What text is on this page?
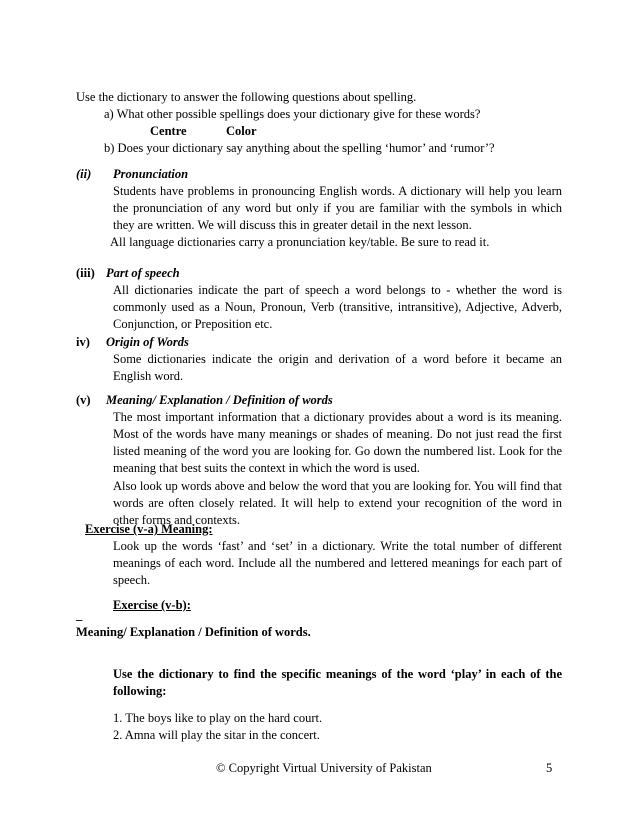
Use the dictionary to answer the following questions about spelling.
a) What other possible spellings does your dictionary give for these words?
Centre	Color
b) Does your dictionary say anything about the spelling ‘humor’ and ‘rumor’?
(ii) Pronunciation
Students have problems in pronouncing English words. A dictionary will help you learn the pronunciation of any word but only if you are familiar with the symbols in which they are written. We will discuss this in greater detail in the next lesson.
All language dictionaries carry a pronunciation key/table. Be sure to read it.
(iii) Part of speech
All dictionaries indicate the part of speech a word belongs to - whether the word is commonly used as a Noun, Pronoun, Verb (transitive, intransitive), Adjective, Adverb, Conjunction, or Preposition etc.
iv) Origin of Words
Some dictionaries indicate the origin and derivation of a word before it became an English word.
(v) Meaning/ Explanation / Definition of words
The most important information that a dictionary provides about a word is its meaning. Most of the words have many meanings or shades of meaning. Do not just read the first listed meaning of the word you are looking for. Go down the numbered list. Look for the meaning that best suits the context in which the word is used.
Also look up words above and below the word that you are looking for. You will find that words are often closely related. It will help to extend your recognition of the word in other forms and contexts.
Exercise (v-a) Meaning:
Look up the words ‘fast’ and ‘set’ in a dictionary. Write the total number of different meanings of each word. Include all the numbered and lettered meanings for each part of speech.
Exercise (v-b):
_
Meaning/ Explanation / Definition of words.
Use the dictionary to find the specific meanings of the word ‘play’ in each of the following:
1. The boys like to play on the hard court.
2. Amna will play the sitar in the concert.
© Copyright Virtual University of Pakistan	5
